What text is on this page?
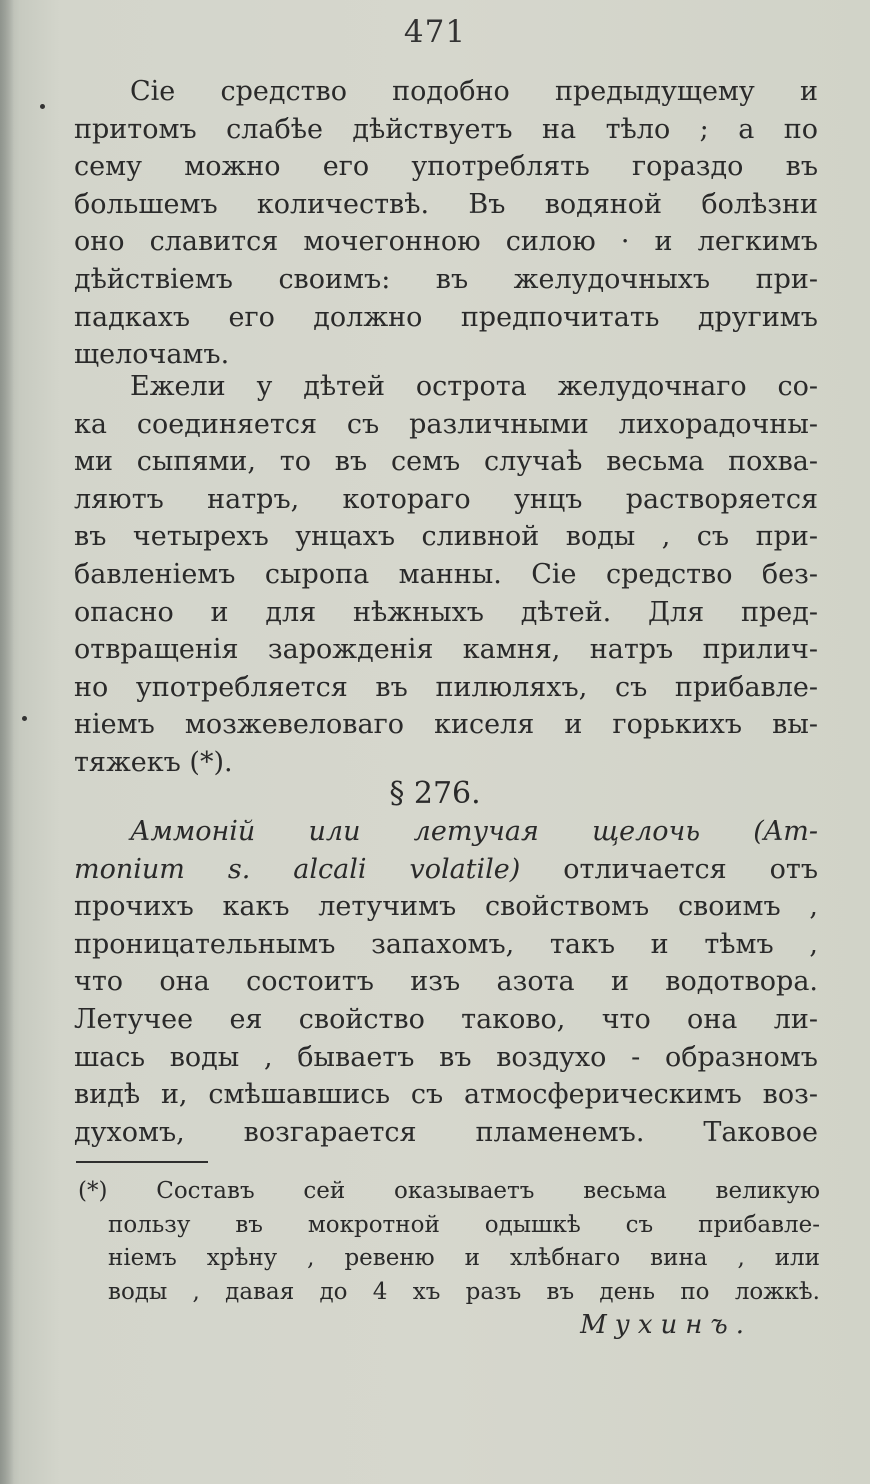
471
Сіе средство подобно предыдущему и
притомъ слабѣе дѣйствуетъ на тѣло ; а по
сему можно его употреблять гораздо въ
большемъ количествѣ. Въ водяной болѣзни
оно славится мочегонною силою · и легкимъ
дѣйствіемъ своимъ: въ желудочныхъ при-
падкахъ его должно предпочитать другимъ
щелочамъ.
Ежели у дѣтей острота желудочнаго со-
ка соединяется съ различными лихорадочны-
ми сыпями, то въ семъ случаѣ весьма похва-
ляютъ натръ, котораго унцъ растворяется
въ четырехъ унцахъ сливной воды , съ при-
бавленіемъ сыропа манны. Сіе средство без-
опасно и для нѣжныхъ дѣтей. Для пред-
отвращенія зарожденія камня, натръ прилич-
но употребляется въ пилюляхъ, съ прибавле-
ніемъ мозжевеловаго киселя и горькихъ вы-
тяжекъ (*).
§ 276.
Аммоній или летучая щелочь (Am-
monium s. alcali volatile) отличается отъ
прочихъ какъ летучимъ свойствомъ своимъ ,
проницательнымъ запахомъ, такъ и тѣмъ ,
что она состоитъ изъ азота и водотвора.
Летучее ея свойство таково, что она ли-
шась воды , бываетъ въ воздухо - образномъ
видѣ и, смѣшавшись съ атмосферическимъ воз-
духомъ, возгарается пламенемъ. Таковое
(*) Составъ сей оказываетъ весьма великую
пользу въ мокротной одышкѣ съ прибавле-
ніемъ хрѣну , ревеню и хлѣбнаго вина , или
воды , давая до 4 хъ разъ въ день по ложкѣ.
Мухинъ.
